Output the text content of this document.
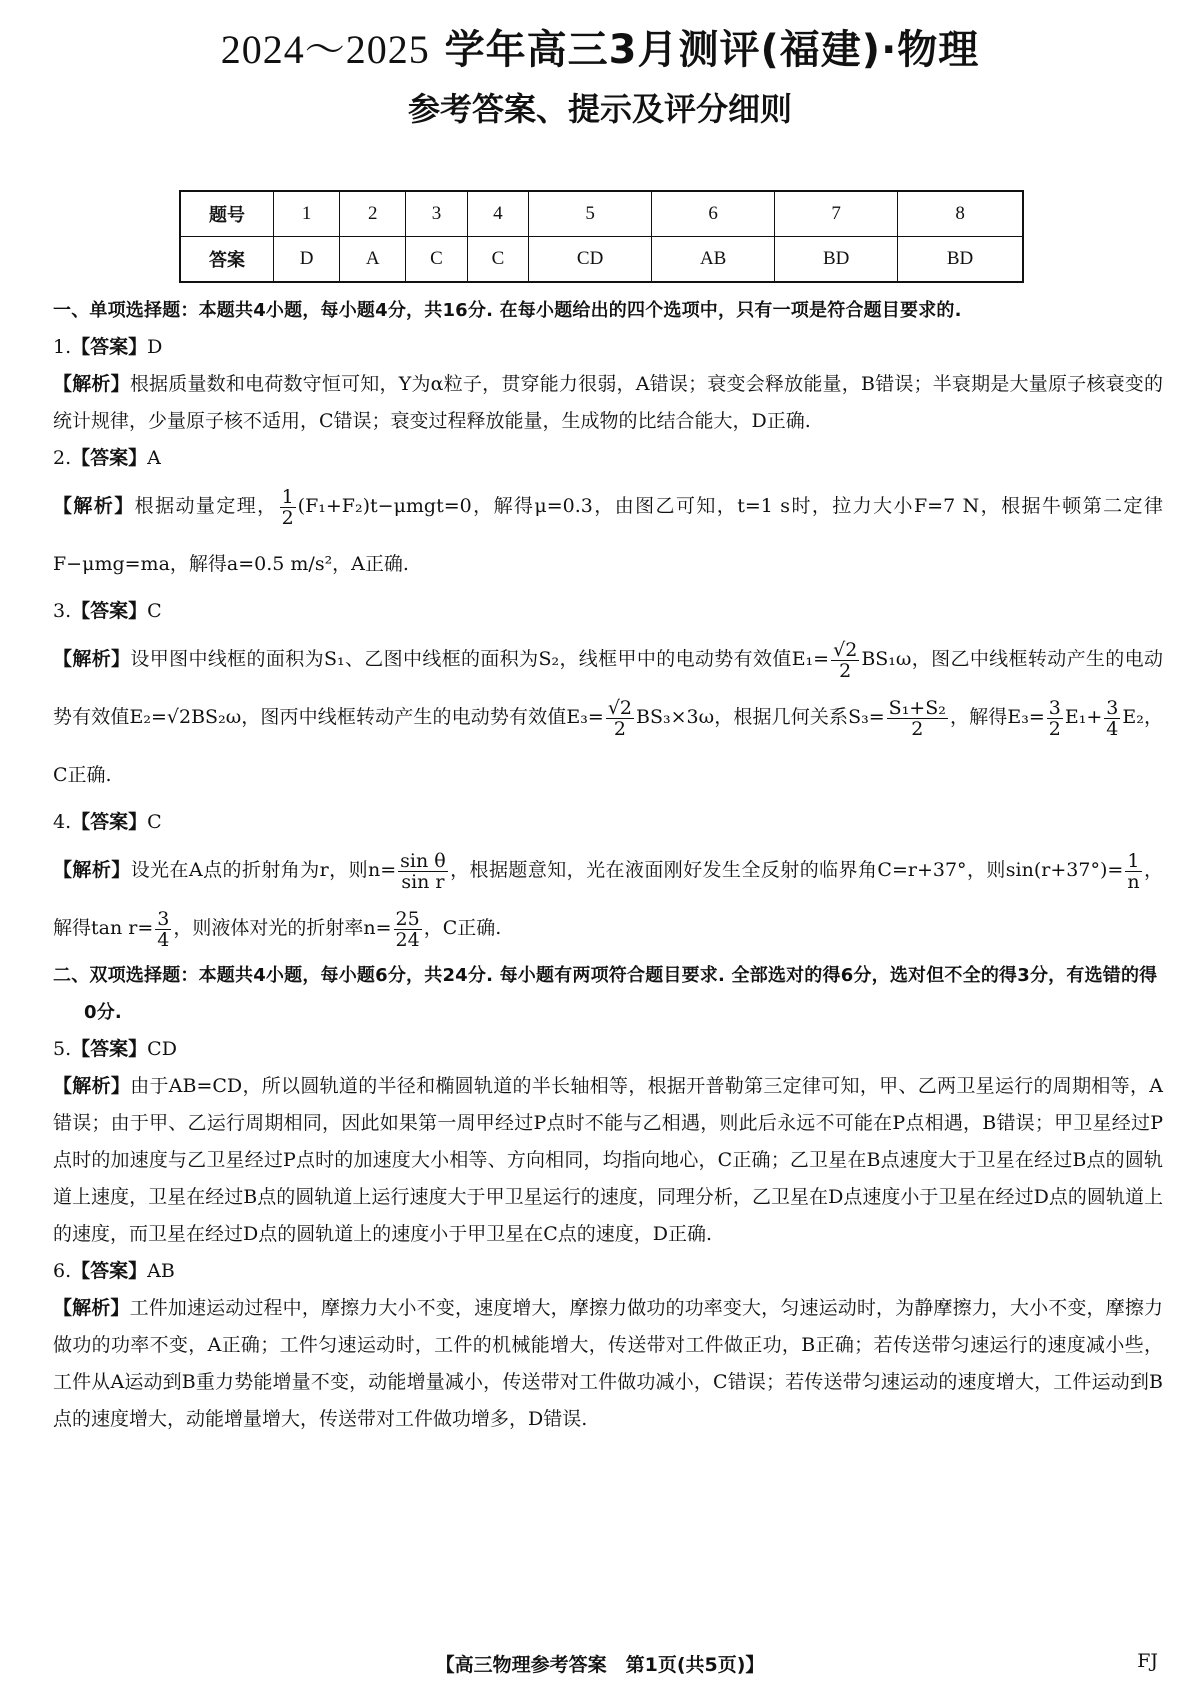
2024～2025 学年高三3月测评(福建)·物理
参考答案、提示及评分细则
题号	1	2	3	4	5	6	7	8
答案	D	A	C	C	CD	AB	BD	BD
一、单项选择题：本题共4小题，每小题4分，共16分. 在每小题给出的四个选项中，只有一项是符合题目要求的.
1.【答案】D
【解析】根据质量数和电荷数守恒可知，Y为α粒子，贯穿能力很弱，A错误；衰变会释放能量，B错误；半衰期是大量原子核衰变的统计规律，少量原子核不适用，C错误；衰变过程释放能量，生成物的比结合能大，D正确.
2.【答案】A
【解析】根据动量定理， $\frac{1}{2} (F_1+F_2)t-\mu mgt=0$，解得μ=0.3，由图乙可知，t=1 s时，拉力大小F=7 N，根据牛顿第二定律F−μmg=ma，解得a=0.5 m/s²，A正确.
3.【答案】C
【解析】设甲图中线框的面积为S₁、乙图中线框的面积为S₂，线框甲中的电动势有效值$E_1= \frac{√2}{2} BS_1\omega$，图乙中线框转动产生的电动势有效值E₂=√2BS₂ω，图丙中线框转动产生的电动势有效值$E_3= \frac{√2}{2} BS_3\times 3\omega$，根据几何关系$S_3= \frac{\text{S₁+S₂}}{2}$ ，解得$E_3= \frac{3}{2} E_1+ \frac{3}{4} E_2$，C正确.
4.【答案】C
【解析】设光在A点的折射角为r，则$n= \frac{\text{sin θ}}{\text{sin r}}$ ，根据题意知，光在液面刚好发生全反射的临界角C=r+37°，则$\sin(r+37^\circ)= \frac{1}{n}$ ，解得$\tan r= \frac{3}{4}$ ，则液体对光的折射率$n= \frac{25}{24}$ ，C正确.
二、双项选择题：本题共4小题，每小题6分，共24分. 每小题有两项符合题目要求. 全部选对的得6分，选对但不全的得3分，有选错的得0分.
5.【答案】CD
【解析】由于AB=CD，所以圆轨道的半径和椭圆轨道的半长轴相等，根据开普勒第三定律可知，甲、乙两卫星运行的周期相等，A错误；由于甲、乙运行周期相同，因此如果第一周甲经过P点时不能与乙相遇，则此后永远不可能在P点相遇，B错误；甲卫星经过P点时的加速度与乙卫星经过P点时的加速度大小相等、方向相同，均指向地心，C正确；乙卫星在B点速度大于卫星在经过B点的圆轨道上速度，卫星在经过B点的圆轨道上运行速度大于甲卫星运行的速度，同理分析，乙卫星在D点速度小于卫星在经过D点的圆轨道上的速度，而卫星在经过D点的圆轨道上的速度小于甲卫星在C点的速度，D正确.
6.【答案】AB
【解析】工件加速运动过程中，摩擦力大小不变，速度增大，摩擦力做功的功率变大，匀速运动时，为静摩擦力，大小不变，摩擦力做功的功率不变，A正确；工件匀速运动时，工件的机械能增大，传送带对工件做正功，B正确；若传送带匀速运行的速度减小些，工件从A运动到B重力势能增量不变，动能增量减小，传送带对工件做功减小，C错误；若传送带匀速运动的速度增大，工件运动到B点的速度增大，动能增量增大，传送带对工件做功增多，D错误.
【高三物理参考答案　第1页(共5页)】	FJ
